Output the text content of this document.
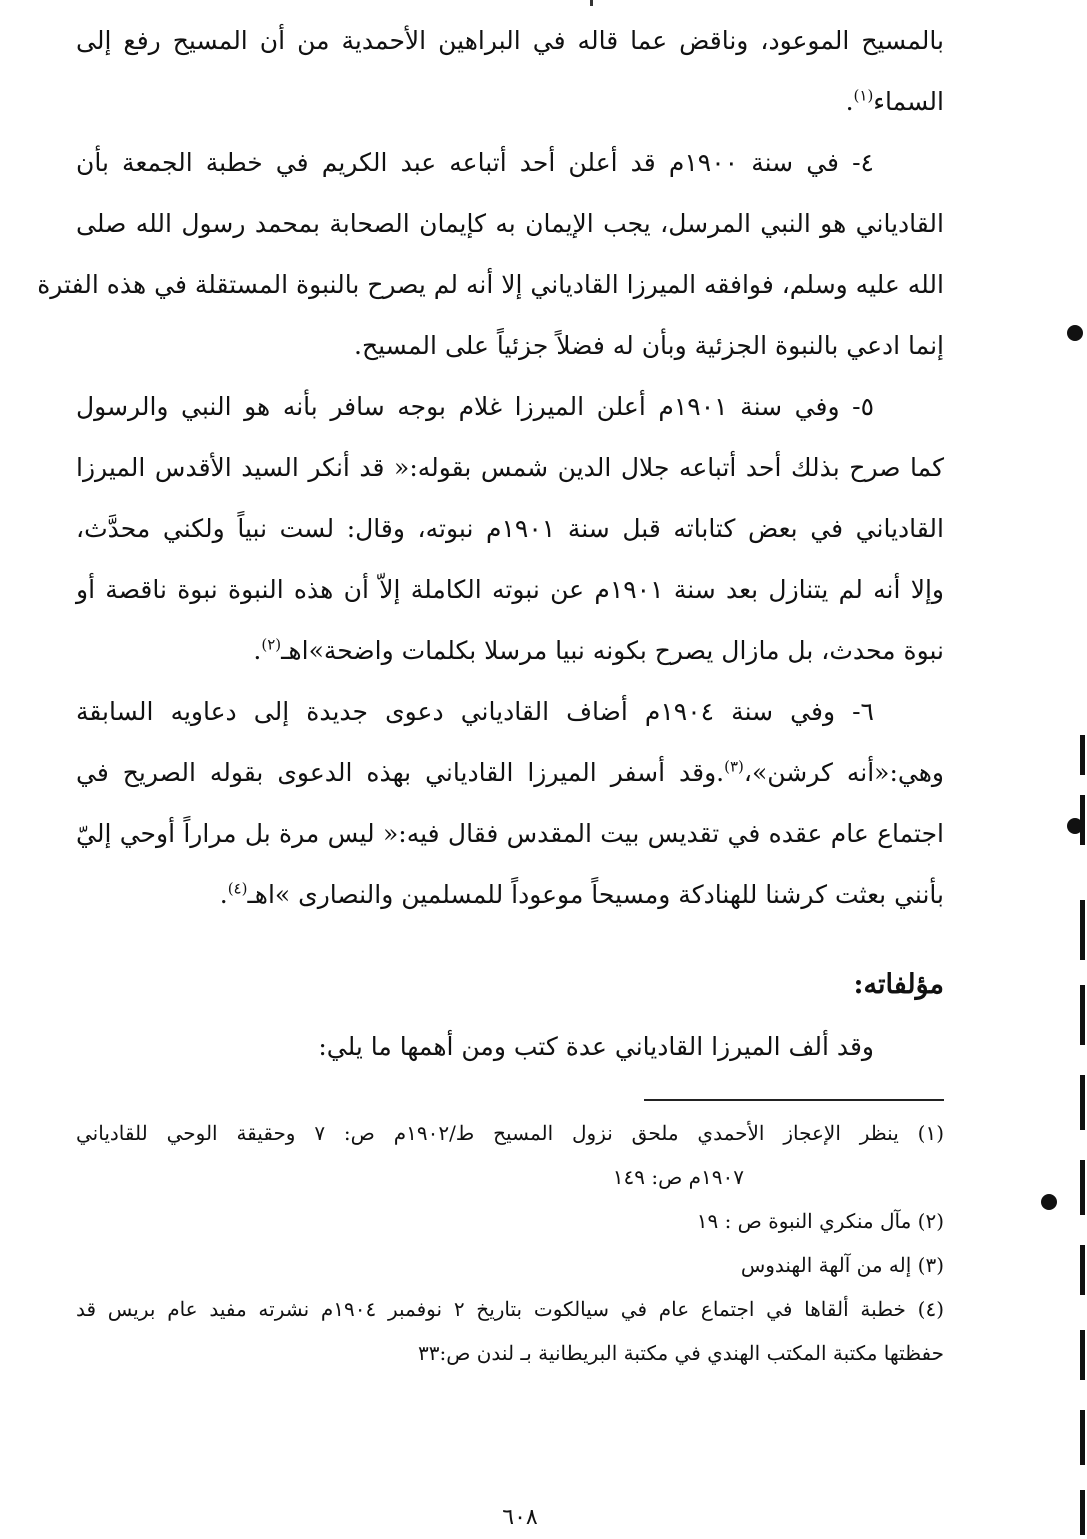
بالمسيح الموعود، وناقض عما قاله في البراهين الأحمدية من أن المسيح رفع إلى
السماء$^{(١)}$.

٤- في سنة ١٩٠٠م قد أعلن أحد أتباعه عبد الكريم في خطبة الجمعة بأن
القادياني هو النبي المرسل، يجب الإيمان به كإيمان الصحابة بمحمد رسول الله صلى
الله عليه وسلم، فوافقه الميرزا القادياني إلا أنه لم يصرح بالنبوة المستقلة في هذه الفترة
إنما ادعي بالنبوة الجزئية وبأن له فضلاً جزئياً على المسيح.

٥- وفي سنة ١٩٠١م أعلن الميرزا غلام بوجه سافر بأنه هو النبي والرسول
كما صرح بذلك أحد أتباعه جلال الدين شمس بقوله:« قد أنكر السيد الأقدس الميرزا
القادياني في بعض كتاباته قبل سنة ١٩٠١م نبوته، وقال: لست نبياً ولكني محدَّث،
وإلا أنه لم يتنازل بعد سنة ١٩٠١م عن نبوته الكاملة إلاّ أن هذه النبوة نبوة ناقصة أو
نبوة محدث، بل مازال يصرح بكونه نبيا مرسلا بكلمات واضحة»اهـ$^{(٢)}$.

٦- وفي سنة ١٩٠٤م أضاف القادياني دعوى جديدة إلى دعاويه السابقة
وهي:«أنه كرشن»،$^{(٣)}$.وقد أسفر الميرزا القادياني بهذه الدعوى بقوله الصريح في
اجتماع عام عقده في تقديس بيت المقدس فقال فيه:« ليس مرة بل مراراً أوحي إليّ
بأنني بعثت كرشنا للهنادكة ومسيحاً موعوداً للمسلمين والنصارى »اهـ$^{(٤)}$.

مؤلفاته:

وقد ألف الميرزا القادياني عدة كتب ومن أهمها ما يلي:

(١) ينظر الإعجاز الأحمدي ملحق نزول المسيح ط/١٩٠٢م ص: ٧ وحقيقة الوحي للقادياني
١٩٠٧م ص: ١٤٩

(٢) مآل منكري النبوة ص : ١٩

(٣) إله من آلهة الهندوس

(٤) خطبة ألقاها في اجتماع عام في سيالكوت بتاريخ ٢ نوفمبر ١٩٠٤م نشرته مفيد عام بريس قد
حفظتها مكتبة المكتب الهندي في مكتبة البريطانية بـ لندن ص:٣٣

٦٠٨
